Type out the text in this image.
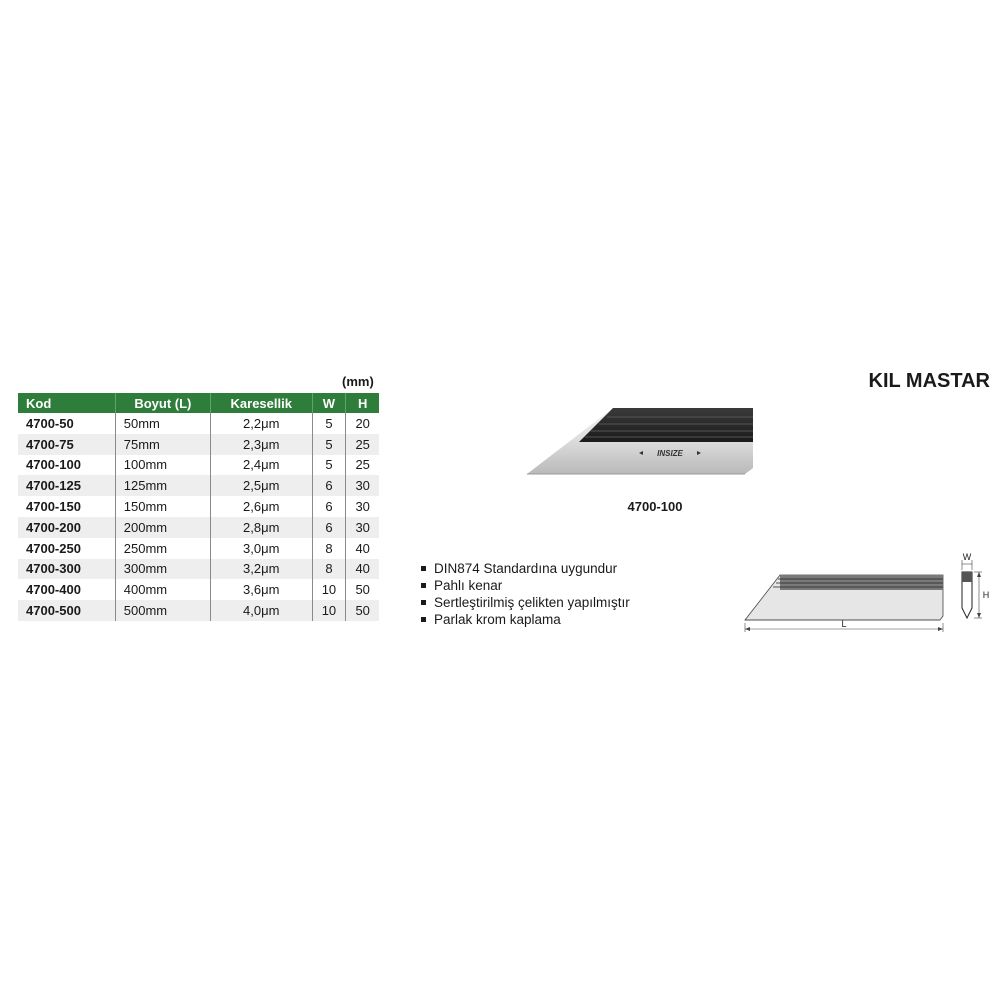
(mm)
Kod	Boyut (L)	Karesellik	W	H
4700-50	50mm	2,2μm	5	20
4700-75	75mm	2,3μm	5	25
4700-100	100mm	2,4μm	5	25
4700-125	125mm	2,5μm	6	30
4700-150	150mm	2,6μm	6	30
4700-200	200mm	2,8μm	6	30
4700-250	250mm	3,0μm	8	40
4700-300	300mm	3,2μm	8	40
4700-400	400mm	3,6μm	10	50
4700-500	500mm	4,0μm	10	50
KIL MASTAR
INSIZE
4700-100
DIN874 Standardına uygundur
Pahlı kenar
Sertleştirilmiş çelikten yapılmıştır
Parlak krom kaplama	L
W
H
